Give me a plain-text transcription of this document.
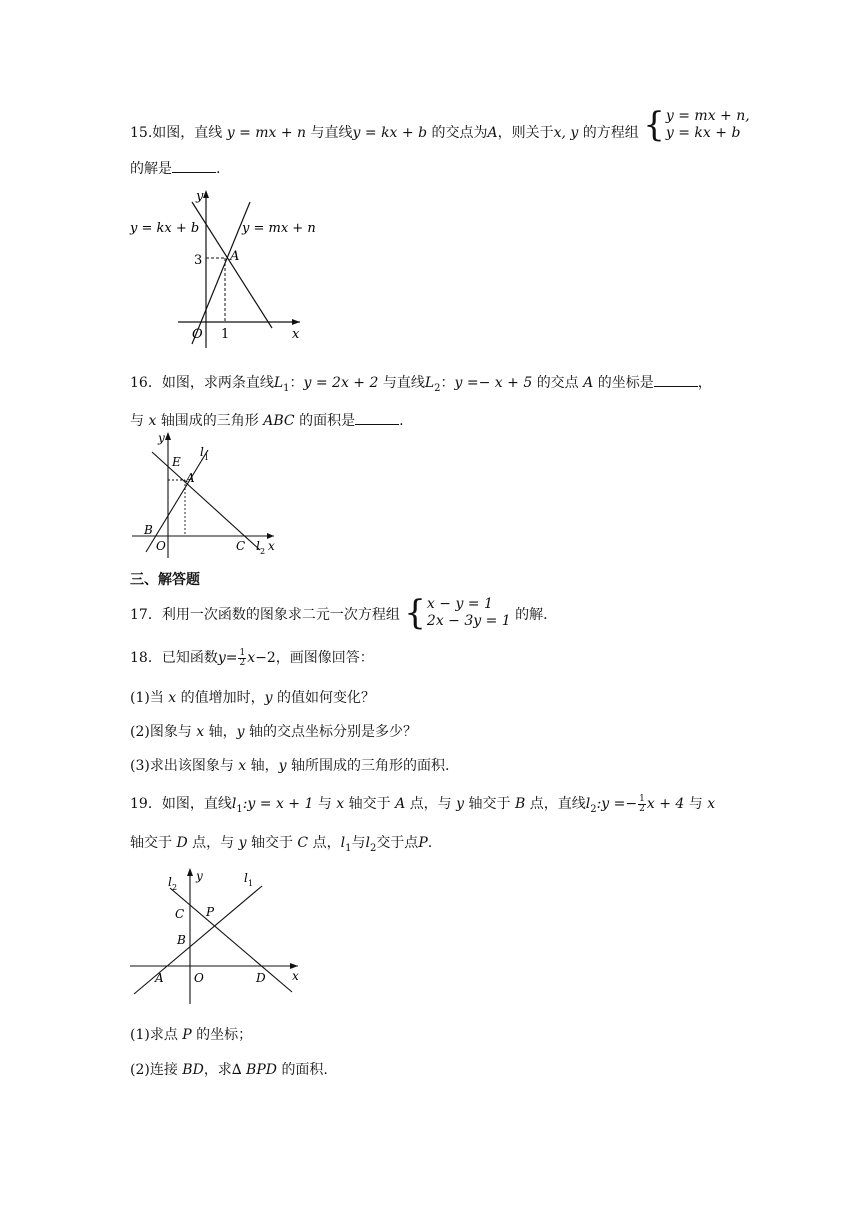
15.如图，直线 y = mx + n 与直线y = kx + b 的交点为A，则关于x, y 的方程组 { y = mx + n,
y = kx + b
的解是	.
y
x
O 1
3 A
y = kx + b	y = mx + n
16．如图，求两条直线$L_1$：y = 2x + 2 与直线$L_2$：y =− x + 5 的交点 A 的坐标是	，
与 x 轴围成的三角形 ABC 的面积是	.
y
x
E
A
B
O	C
l 1
l 2
三、解答题
17．利用一次函数的图象求二元一次方程组 { x − y = 1
2x − 3y = 1 的解.
18．已知函数$y= \frac{1}{2} x-2$，画图像回答：
(1)当 x 的值增加时，y 的值如何变化？
(2)图象与 x 轴，y 轴的交点坐标分别是多少？
(3)求出该图象与 x 轴，y 轴所围成的三角形的面积.
19．如图，直线$l_1:y = x + 1$ 与 x 轴交于 A 点，与 y 轴交于 B 点，直线$l_2:y =- \frac{1}{2}$ x + 4 与 x
轴交于 D 点，与 y 轴交于 C 点，$l_1$与$l_2$交于点P.
l 2
y	l 1
C P
B
A	O	D x
(1)求点 P 的坐标；
(2)连接 BD，求∆ BPD 的面积.
